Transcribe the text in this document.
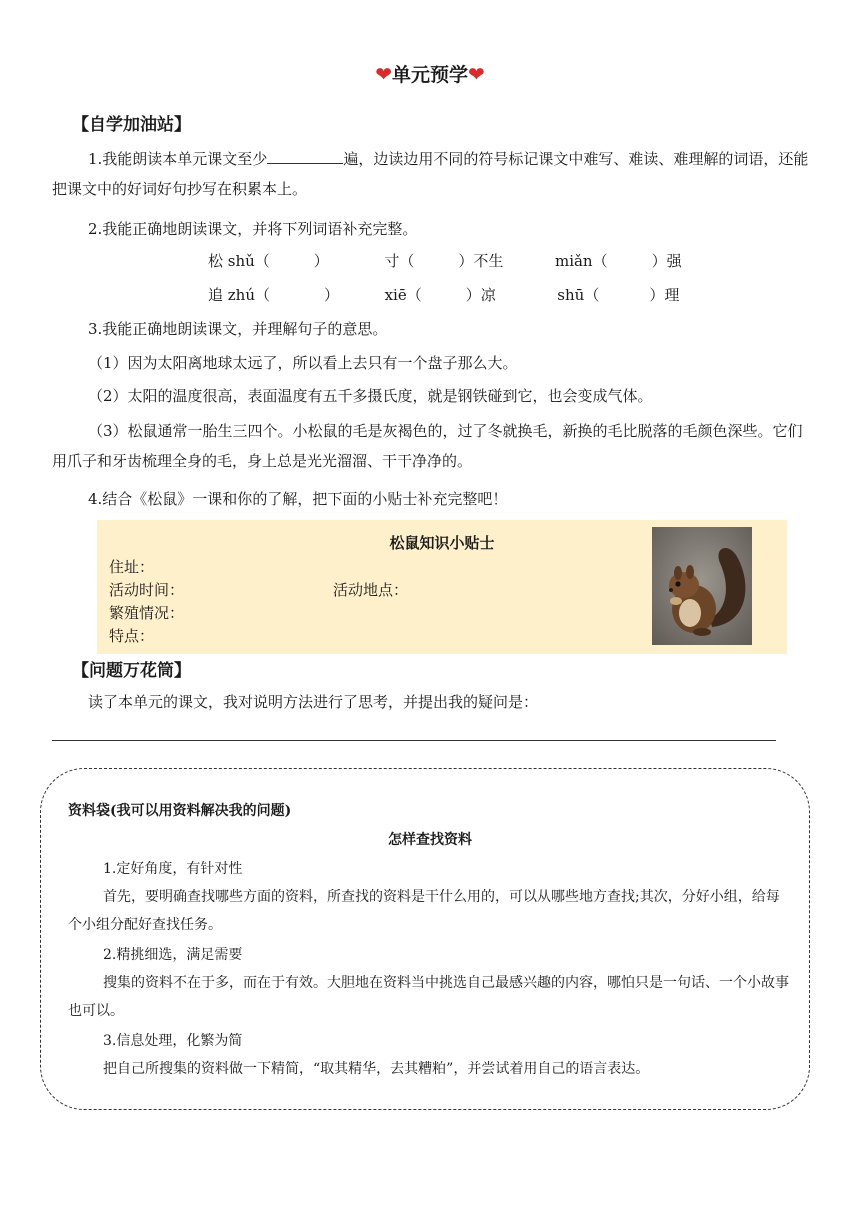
❤单元预学❤
【自学加油站】
1.我能朗读本单元课文至少	遍，边读边用不同的符号标记课文中难写、难读、难理解的词语，还能把课文中的好词好句抄写在积累本上。
2.我能正确地朗读课文，并将下列词语补充完整。
松 shǔ（	）	寸（	）不生	miǎn（	）强
追 zhú（	）	xiē（	）凉	shū（	）理
3.我能正确地朗读课文，并理解句子的意思。
（1）因为太阳离地球太远了，所以看上去只有一个盘子那么大。
（2）太阳的温度很高，表面温度有五千多摄氏度，就是钢铁碰到它，也会变成气体。
（3）松鼠通常一胎生三四个。小松鼠的毛是灰褐色的，过了冬就换毛，新换的毛比脱落的毛颜色深些。它们用爪子和牙齿梳理全身的毛，身上总是光光溜溜、干干净净的。
4.结合《松鼠》一课和你的了解，把下面的小贴士补充完整吧！
松鼠知识小贴士
住址：
活动时间：	活动地点：
繁殖情况：
特点：
【问题万花筒】
读了本单元的课文，我对说明方法进行了思考，并提出我的疑问是：
资料袋(我可以用资料解决我的问题)
怎样查找资料
1.定好角度，有针对性
首先，要明确查找哪些方面的资料，所查找的资料是干什么用的，可以从哪些地方查找;其次，分好小组，给每个小组分配好查找任务。
2.精挑细选，满足需要
搜集的资料不在于多，而在于有效。大胆地在资料当中挑选自己最感兴趣的内容，哪怕只是一句话、一个小故事也可以。
3.信息处理，化繁为简
把自己所搜集的资料做一下精简，“取其精华，去其糟粕”，并尝试着用自己的语言表达。
